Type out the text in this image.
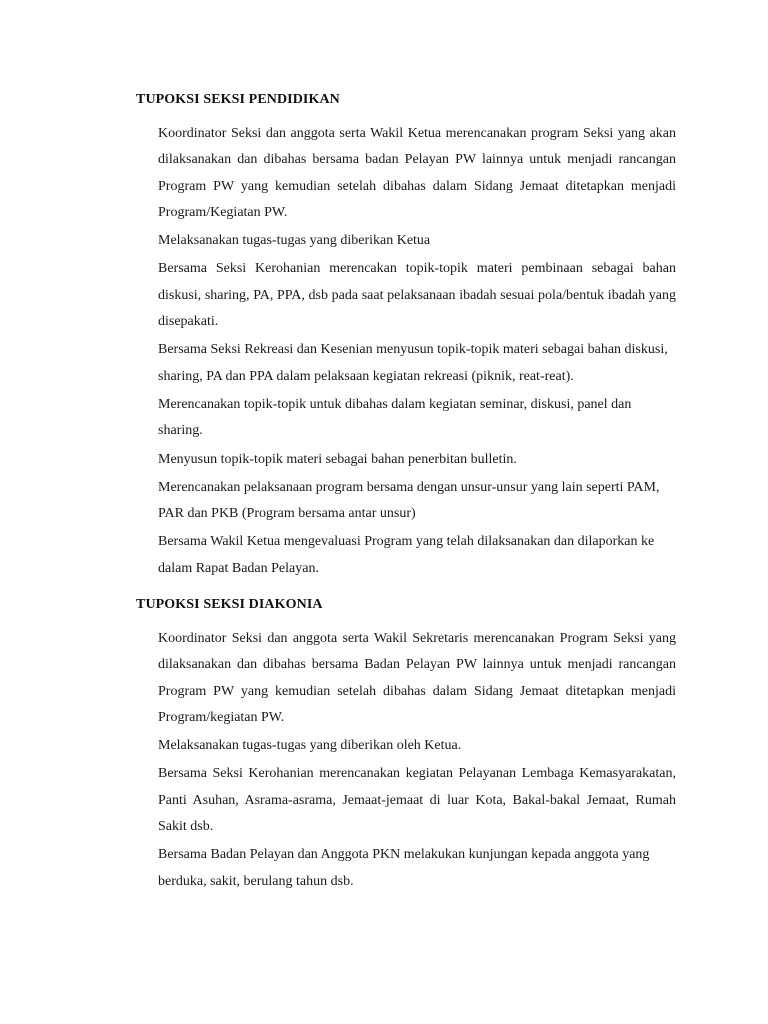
TUPOKSI SEKSI PENDIDIKAN
Koordinator Seksi dan anggota serta Wakil Ketua merencanakan program Seksi yang akan dilaksanakan dan dibahas bersama badan Pelayan PW lainnya untuk menjadi rancangan Program PW yang kemudian setelah dibahas dalam Sidang Jemaat ditetapkan menjadi Program/Kegiatan PW.
Melaksanakan tugas-tugas yang diberikan Ketua
Bersama Seksi Kerohanian merencakan topik-topik materi pembinaan sebagai bahan diskusi, sharing, PA, PPA, dsb pada saat pelaksanaan ibadah sesuai pola/bentuk ibadah yang disepakati.
Bersama Seksi Rekreasi dan Kesenian menyusun topik-topik materi sebagai bahan diskusi, sharing, PA dan PPA dalam pelaksaan kegiatan rekreasi (piknik, reat-reat).
Merencanakan topik-topik untuk dibahas dalam kegiatan seminar, diskusi, panel dan sharing.
Menyusun topik-topik materi sebagai bahan penerbitan bulletin.
Merencanakan pelaksanaan program bersama dengan unsur-unsur yang lain seperti PAM, PAR dan PKB (Program bersama antar unsur)
Bersama Wakil Ketua mengevaluasi Program yang telah dilaksanakan dan dilaporkan ke dalam Rapat Badan Pelayan.
TUPOKSI SEKSI DIAKONIA
Koordinator Seksi dan anggota serta Wakil Sekretaris merencanakan Program Seksi yang dilaksanakan dan dibahas bersama Badan Pelayan PW lainnya untuk menjadi rancangan Program PW yang kemudian setelah dibahas dalam Sidang Jemaat ditetapkan menjadi Program/kegiatan PW.
Melaksanakan tugas-tugas yang diberikan oleh Ketua.
Bersama Seksi Kerohanian merencanakan kegiatan Pelayanan Lembaga Kemasyarakatan, Panti Asuhan, Asrama-asrama, Jemaat-jemaat di luar Kota, Bakal-bakal Jemaat, Rumah Sakit dsb.
Bersama Badan Pelayan dan Anggota PKN melakukan kunjungan kepada anggota yang berduka, sakit, berulang tahun dsb.
